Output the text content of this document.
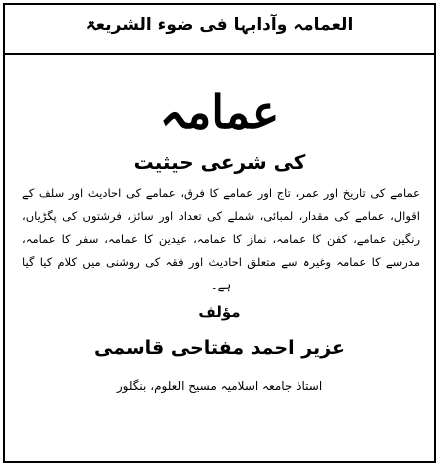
العمامہ وآدابہا فی ضوء الشریعۃ
عمامہ
کی شرعی حیثیت
عمامے کی تاریخ اور عمر، تاج اور عمامے کا فرق، عمامے کی احادیث اور سلف کے اقوال، عمامے کی مقدار، لمبائی، شملے کی تعداد اور سائز، فرشتوں کی پگڑیاں، رنگین عمامے، کفن کا عمامہ، نماز کا عمامہ، عیدین کا عمامہ، سفر کا عمامہ، مدرسے کا عمامہ وغیرہ سے متعلق احادیث اور فقہ کی روشنی میں کلام کیا گیا ہے۔
مؤلف
عزیر احمد مفتاحی قاسمی
استاذ جامعہ اسلامیہ مسیح العلوم، بنگلور
